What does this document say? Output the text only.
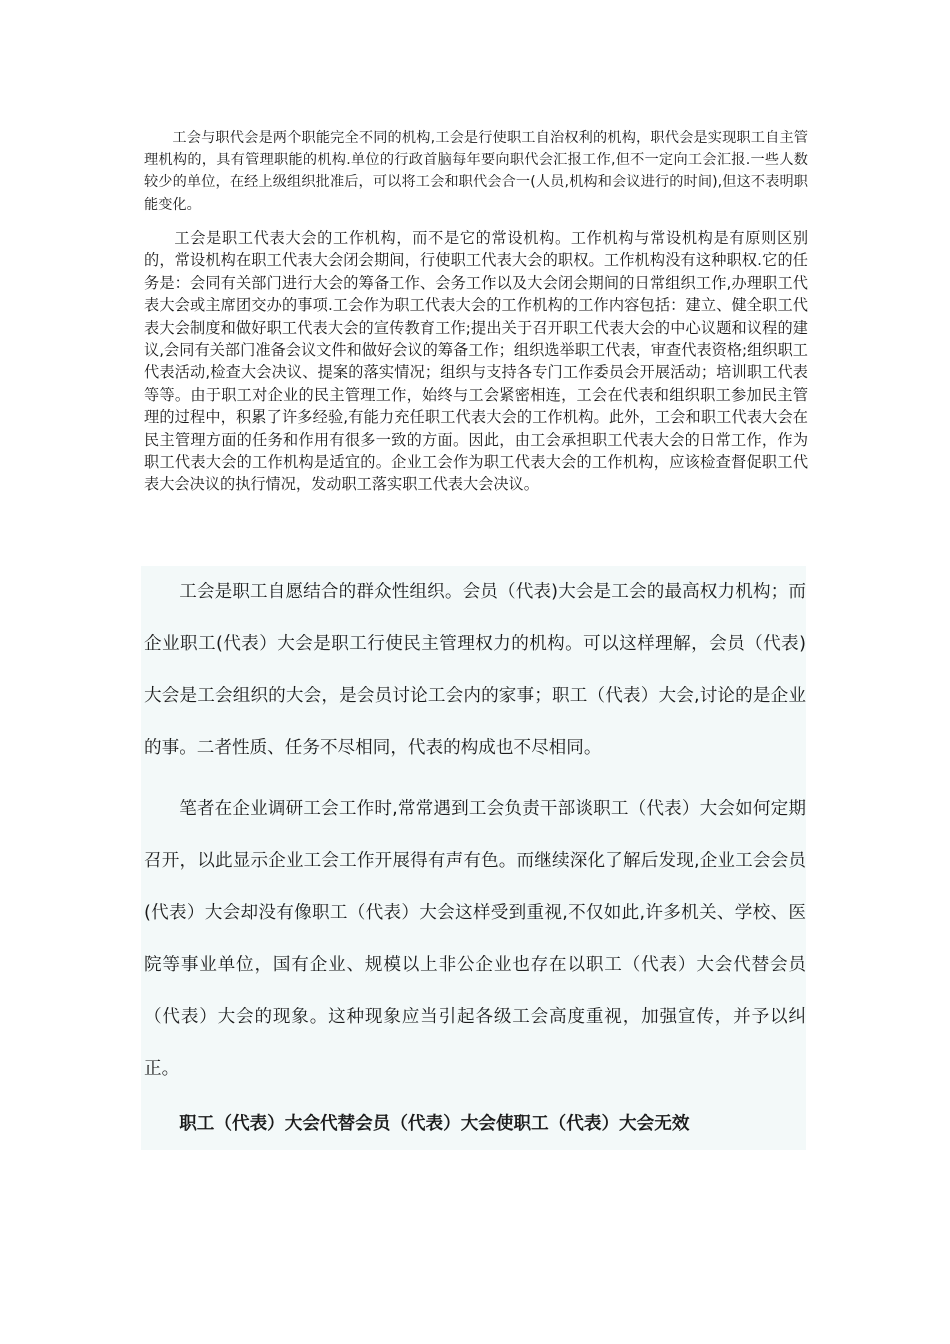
工会与职代会是两个职能完全不同的机构,工会是行使职工自治权利的机构，职代会是实现职工自主管理机构的，具有管理职能的机构.单位的行政首脑每年要向职代会汇报工作,但不一定向工会汇报.一些人数较少的单位，在经上级组织批准后，可以将工会和职代会合一(人员,机构和会议进行的时间),但这不表明职能变化。

工会是职工代表大会的工作机构，而不是它的常设机构。工作机构与常设机构是有原则区别的，常设机构在职工代表大会闭会期间，行使职工代表大会的职权。工作机构没有这种职权.它的任务是：会同有关部门进行大会的筹备工作、会务工作以及大会闭会期间的日常组织工作,办理职工代表大会或主席团交办的事项.工会作为职工代表大会的工作机构的工作内容包括：建立、健全职工代表大会制度和做好职工代表大会的宣传教育工作;提出关于召开职工代表大会的中心议题和议程的建议,会同有关部门准备会议文件和做好会议的筹备工作；组织选举职工代表，审查代表资格;组织职工代表活动,检查大会决议、提案的落实情况；组织与支持各专门工作委员会开展活动；培训职工代表等等。由于职工对企业的民主管理工作，始终与工会紧密相连，工会在代表和组织职工参加民主管理的过程中，积累了许多经验,有能力充任职工代表大会的工作机构。此外，工会和职工代表大会在民主管理方面的任务和作用有很多一致的方面。因此，由工会承担职工代表大会的日常工作，作为职工代表大会的工作机构是适宜的。企业工会作为职工代表大会的工作机构，应该检查督促职工代表大会决议的执行情况，发动职工落实职工代表大会决议。

工会是职工自愿结合的群众性组织。会员（代表)大会是工会的最高权力机构；而企业职工(代表）大会是职工行使民主管理权力的机构。可以这样理解，会员（代表)大会是工会组织的大会，是会员讨论工会内的家事；职工（代表）大会,讨论的是企业的事。二者性质、任务不尽相同，代表的构成也不尽相同。

笔者在企业调研工会工作时,常常遇到工会负责干部谈职工（代表）大会如何定期召开，以此显示企业工会工作开展得有声有色。而继续深化了解后发现,企业工会会员(代表）大会却没有像职工（代表）大会这样受到重视,不仅如此,许多机关、学校、医院等事业单位，国有企业、规模以上非公企业也存在以职工（代表）大会代替会员（代表）大会的现象。这种现象应当引起各级工会高度重视，加强宣传，并予以纠正。

职工（代表）大会代替会员（代表）大会使职工（代表）大会无效
